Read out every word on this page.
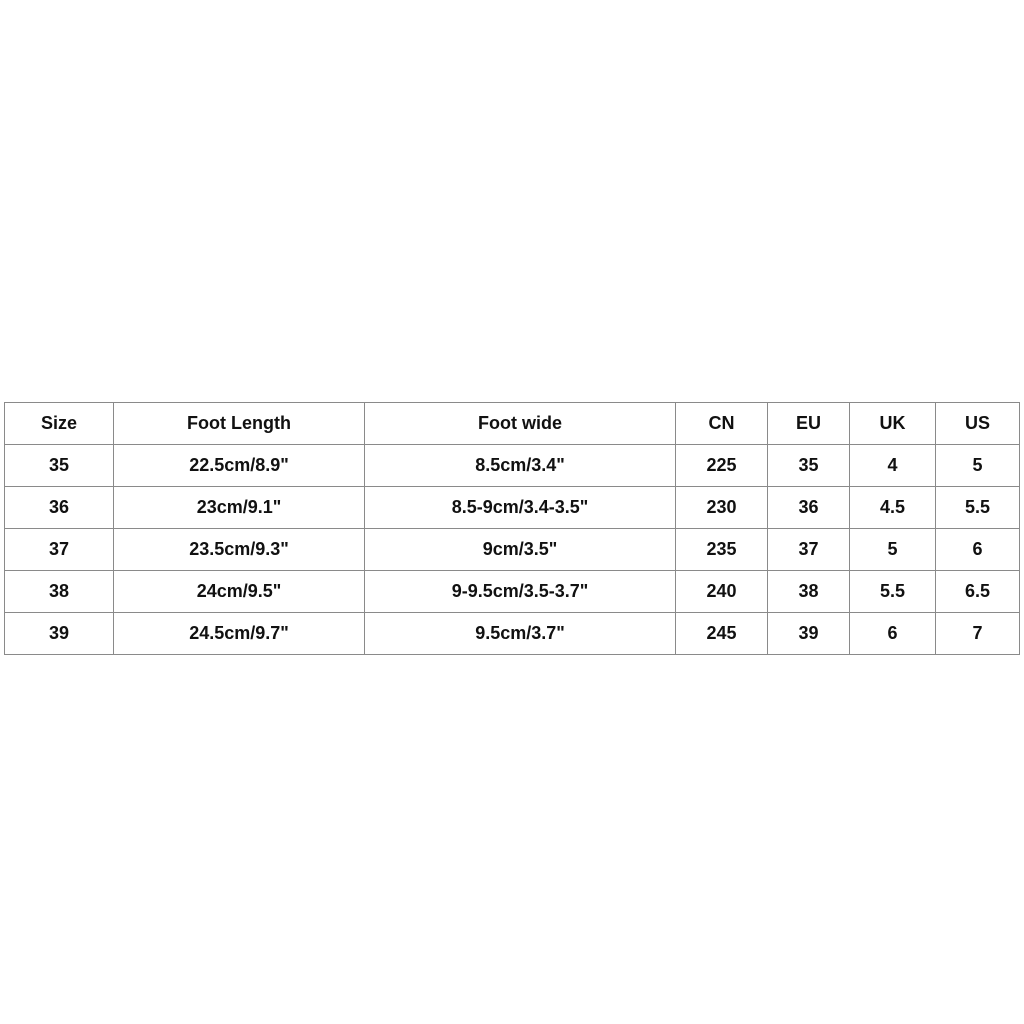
Size	Foot Length	Foot wide	CN	EU	UK	US
35	22.5cm/8.9"	8.5cm/3.4"	225	35	4	5
36	23cm/9.1"	8.5-9cm/3.4-3.5"	230	36	4.5	5.5
37	23.5cm/9.3"	9cm/3.5"	235	37	5	6
38	24cm/9.5"	9-9.5cm/3.5-3.7"	240	38	5.5	6.5
39	24.5cm/9.7"	9.5cm/3.7"	245	39	6	7
